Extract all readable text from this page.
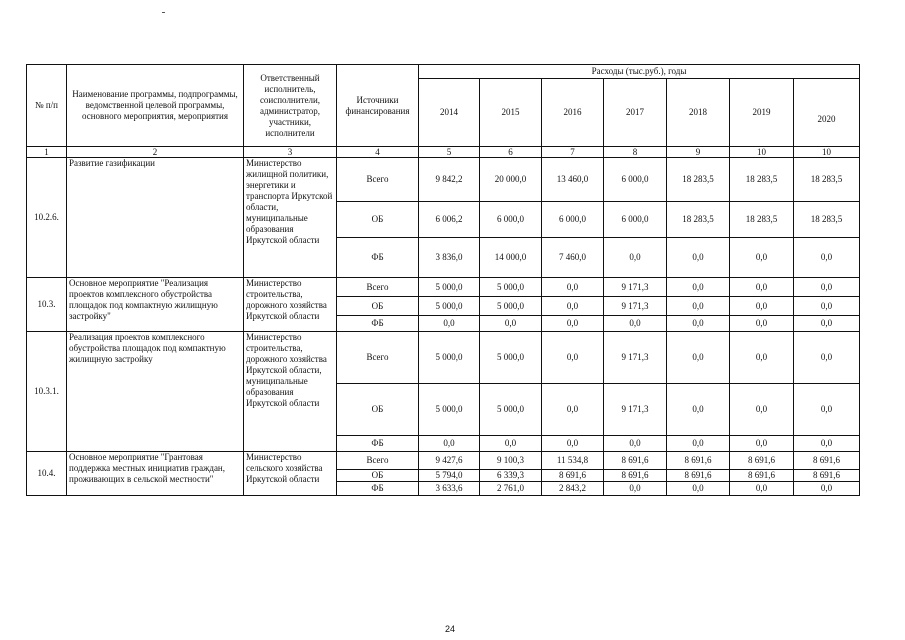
№ п/п	Наименование программы, подпрограммы, ведомственной целевой программы, основного мероприятия, мероприятия	Ответственный исполнитель, соисполнители, администратор, участники, исполнители	Источники финансирования	Расходы (тыс.руб.), годы						
				2014	2015	2016	2017	2018	2019	2020
1	2	3	4	5	6	7	8	9	10	10
10.2.6.	Развитие газификации	Министерство жилищной политики, энергетики и транспорта Иркутской области, муниципальные образования Иркутской области	Всего	9 842,2	20 000,0	13 460,0	6 000,0	18 283,5	18 283,5	18 283,5
			ОБ	6 006,2	6 000,0	6 000,0	6 000,0	18 283,5	18 283,5	18 283,5
			ФБ	3 836,0	14 000,0	7 460,0	0,0	0,0	0,0	0,0
10.3.	Основное мероприятие "Реализация проектов комплексного обустройства площадок под компактную жилищную застройку"	Министерство строительства, дорожного хозяйства Иркутской области	Всего	5 000,0	5 000,0	0,0	9 171,3	0,0	0,0	0,0
			ОБ	5 000,0	5 000,0	0,0	9 171,3	0,0	0,0	0,0
			ФБ	0,0	0,0	0,0	0,0	0,0	0,0	0,0
10.3.1.	Реализация проектов комплексного обустройства площадок под компактную жилищную застройку	Министерство строительства, дорожного хозяйства Иркутской области, муниципальные образования Иркутской области	Всего	5 000,0	5 000,0	0,0	9 171,3	0,0	0,0	0,0
			ОБ	5 000,0	5 000,0	0,0	9 171,3	0,0	0,0	0,0
			ФБ	0,0	0,0	0,0	0,0	0,0	0,0	0,0
10.4.	Основное мероприятие "Грантовая поддержка местных инициатив граждан, проживающих в сельской местности"	Министерство сельского хозяйства Иркутской области	Всего	9 427,6	9 100,3	11 534,8	8 691,6	8 691,6	8 691,6	8 691,6
			ОБ	5 794,0	6 339,3	8 691,6	8 691,6	8 691,6	8 691,6	8 691,6
			ФБ	3 633,6	2 761,0	2 843,2	0,0	0,0	0,0	0,0
24
